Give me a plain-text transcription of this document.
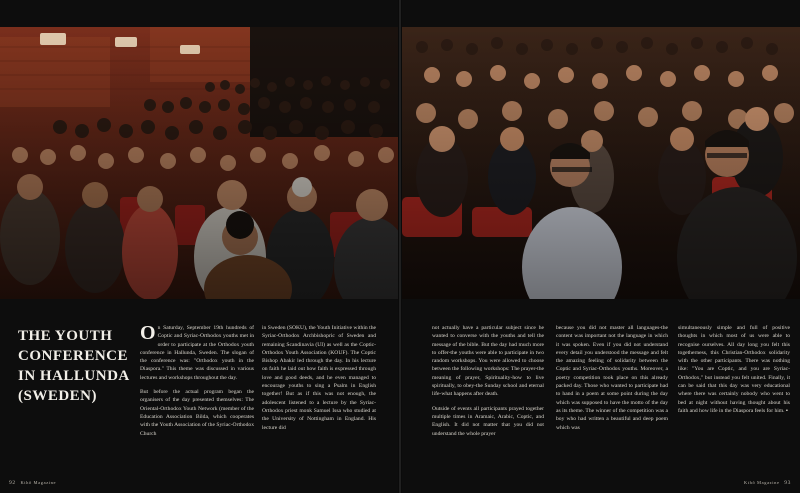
THE YOUTH CONFERENCE IN HALLUNDA (SWEDEN)

On Saturday, September 19th hundreds of Coptic and Syriac-Orthodox youths met in order to participate at the Orthodox youth conference in Hallunda, Sweden. The slogan of the conference was: "Orthodox youth in the Diaspora." This theme was discussed in various lectures and workshops throughout the day.

But before the actual program began the organisers of the day presented themselves: The Oriental-Orthodox Youth Network (member of the Education Association Bilda, which cooperates with the Youth Association of the Syriac-Orthodox Church

in Sweden (SOKU), the Youth Initiative within the Syriac-Orthodox Archbishopric of Sweden and remaining Scandinavia (UI) as well as the Coptic-Orthodox Youth Association (KOUF). The Coptic Bishop Abakir led through the day. In his lecture on faith he laid out how faith is expressed through love and good deeds, and he even managed to encourage youths to sing a Psalm in English together! But as if this was not enough, the adolescent listened to a lecture by the Syriac-Orthodox priest monk Samuel Issa who studied at the University of Nottingham in England. His lecture did

92 Kthô Magazine

not actually have a particular subject since he wanted to converse with the youths and tell the message of the bible. But the day had much more to offer-the youths were able to participate in two random workshops. You were allowed to choose between the following workshops: The prayer-the meaning of prayer, Spirituality-how to live spiritually, to obey-the Sunday school and eternal life-what happens after death.

Outside of events all participants prayed together multiple times in Aramaic, Arabic, Coptic, and English. It did not matter that you did not understand the whole prayer

because you did not master all languages-the content was important not the language in which it was spoken. Even if you did not understand every detail you understood the message and felt the amazing feeling of solidarity between the Coptic and Syriac-Orthodox youths. Moreover, a poetry competition took place on this already packed day. Those who wanted to participate had to hand in a poem at some point during the day which was supposed to have the motto of the day as its theme. The winner of the competition was a boy who had written a beautiful and deep poem which was

simultaneously simple and full of positive thoughts in which most of us were able to recognise ourselves. All day long you felt this togetherness, this Christian-Orthodox solidarity with the other participants. There was nothing like: "You are Coptic, and you are Syriac-Orthodox," but instead you felt united. Finally, it can be said that this day was very educational where there was certainly nobody who went to bed at night without having thought about his faith and how life in the Diaspora feels for him. ▪

Kthô Magazine 93
